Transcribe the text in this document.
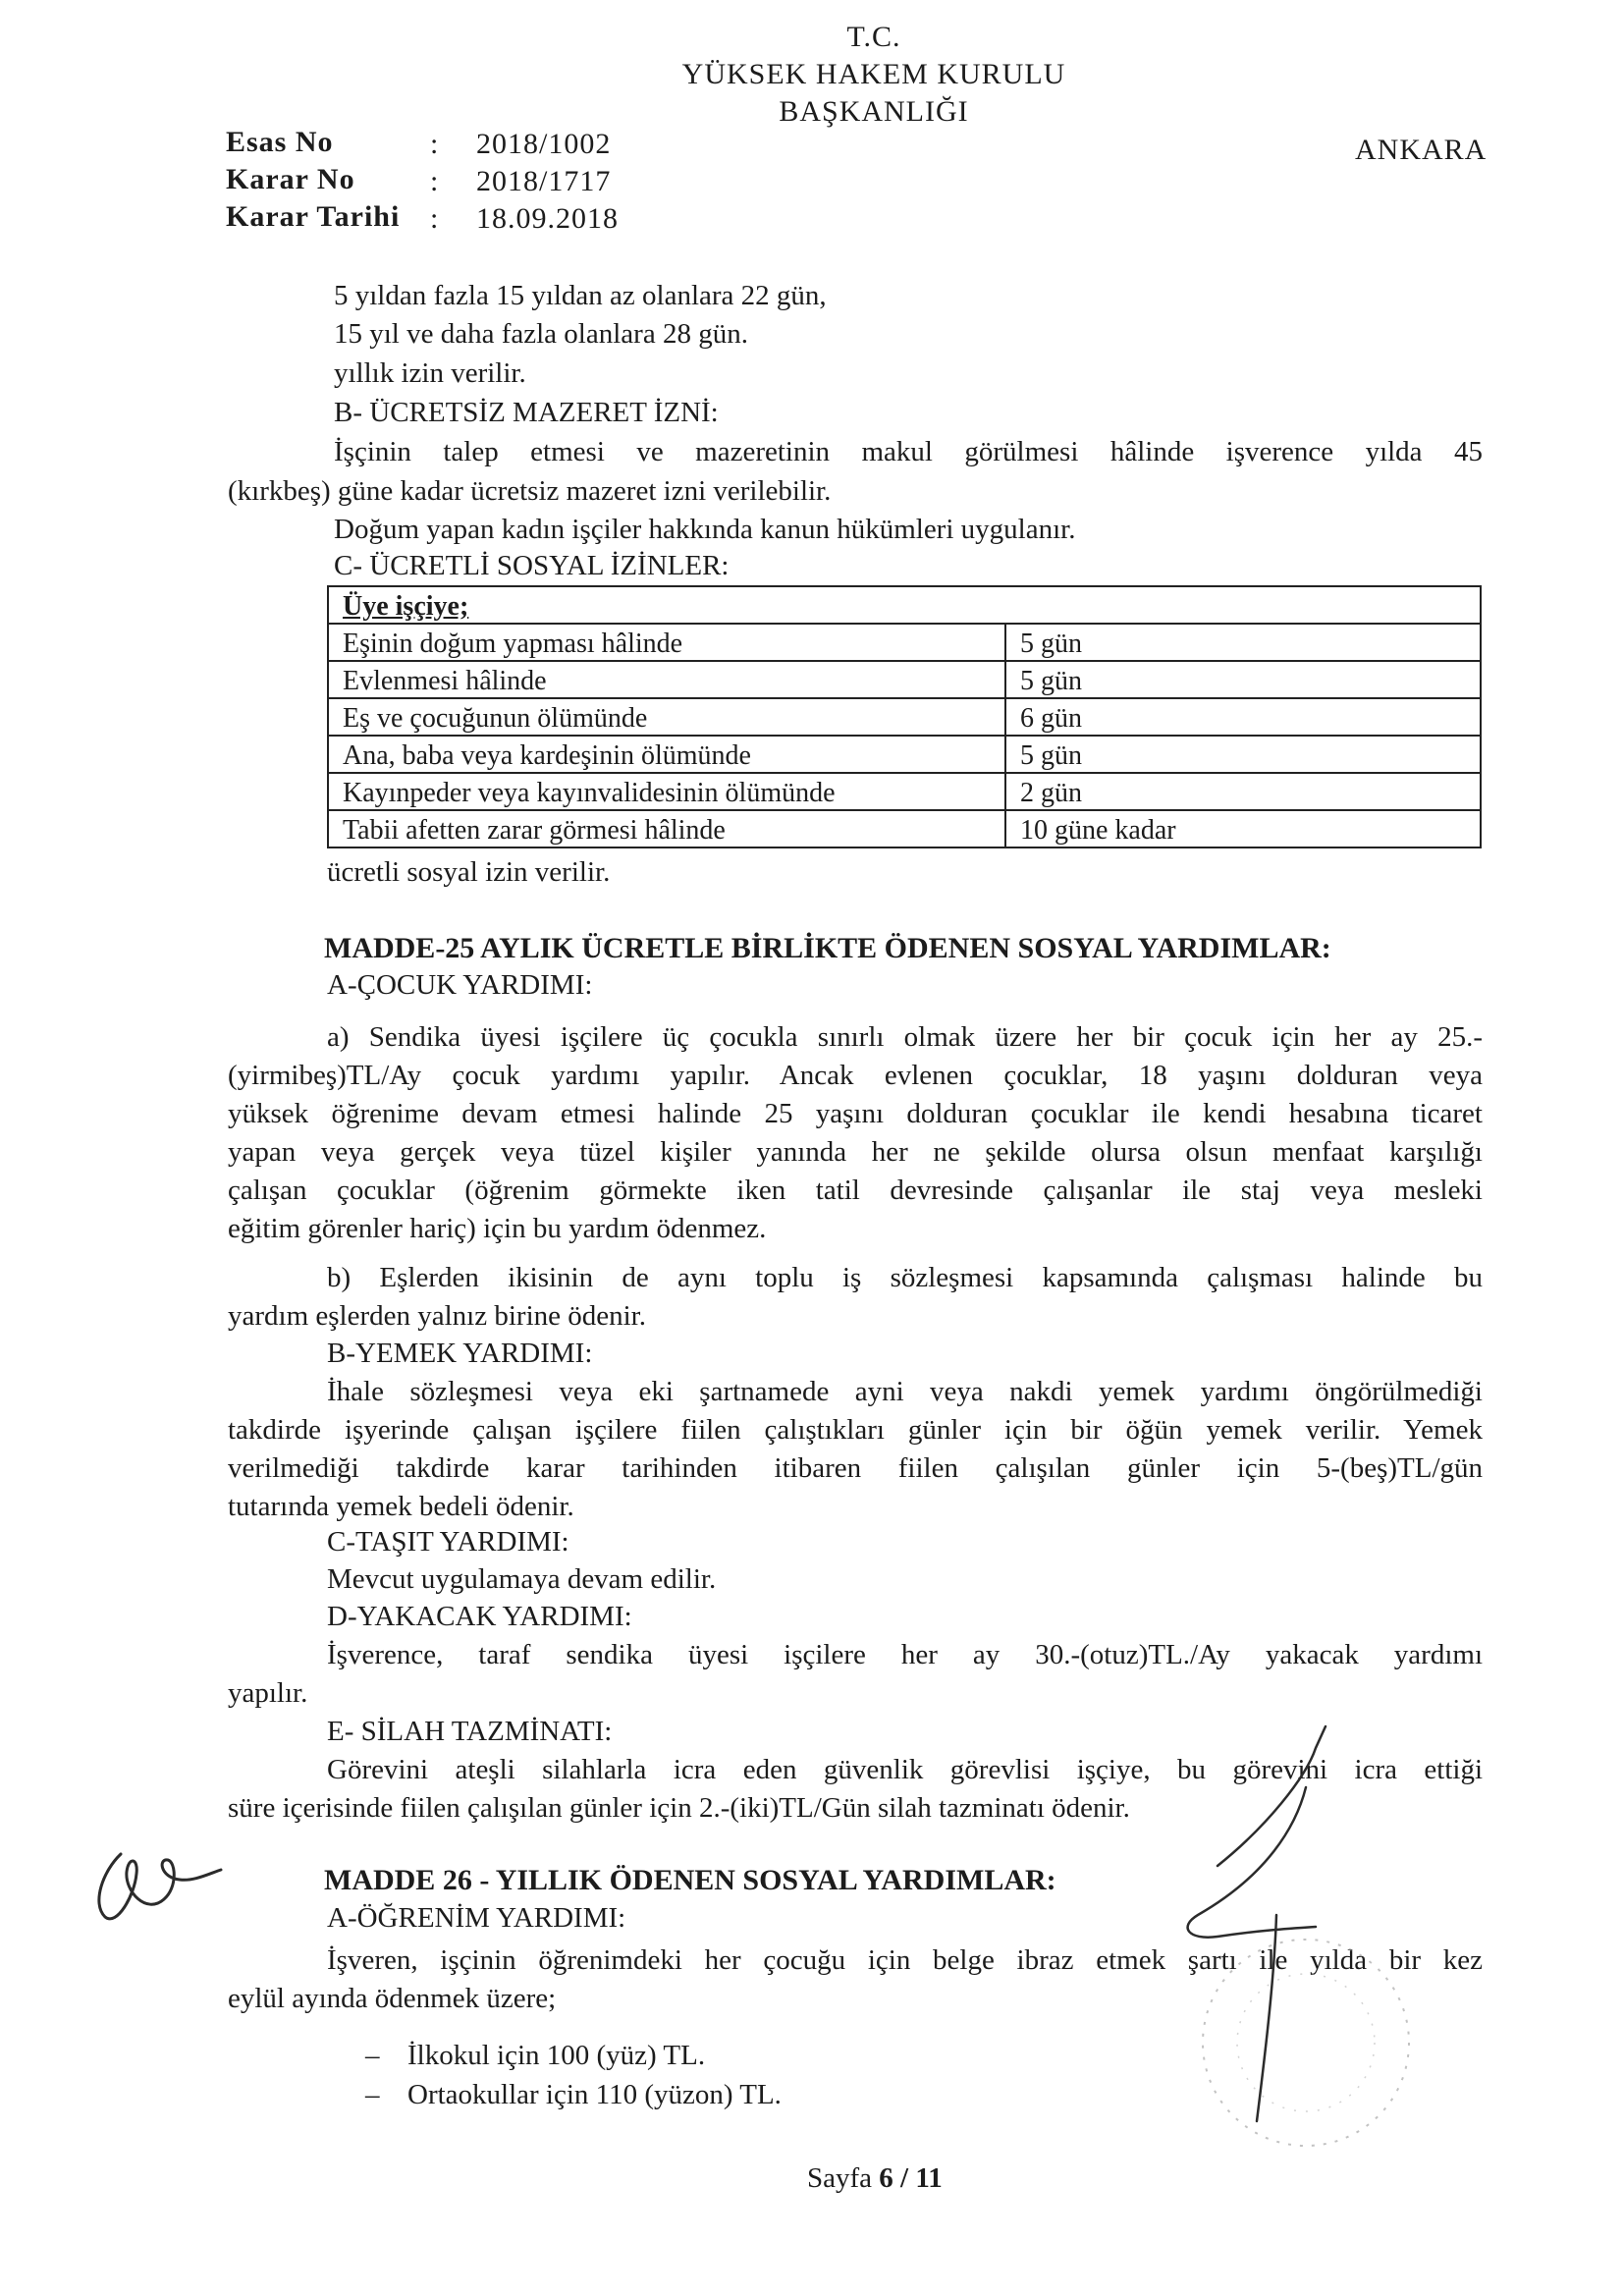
T.C.
YÜKSEK HAKEM KURULU
BAŞKANLIĞI
ANKARA
Esas No	: 2018/1002
Karar No	: 2018/1717
Karar Tarihi : 18.09.2018
5 yıldan fazla 15 yıldan az olanlara 22 gün,
15 yıl ve daha fazla olanlara 28 gün.
yıllık izin verilir.
B- ÜCRETSİZ MAZERET İZNİ:
İşçinin talep etmesi ve mazeretinin makul görülmesi hâlinde işverence yılda 45
(kırkbeş) güne kadar ücretsiz mazeret izni verilebilir.
Doğum yapan kadın işçiler hakkında kanun hükümleri uygulanır.
C- ÜCRETLİ SOSYAL İZİNLER:
Üye işçiye;	
Eşinin doğum yapması hâlinde	5 gün
Evlenmesi hâlinde	5 gün
Eş ve çocuğunun ölümünde	6 gün
Ana, baba veya kardeşinin ölümünde	5 gün
Kayınpeder veya kayınvalidesinin ölümünde	2 gün
Tabii afetten zarar görmesi hâlinde	10 güne kadar
ücretli sosyal izin verilir.
MADDE-25 AYLIK ÜCRETLE BİRLİKTE ÖDENEN SOSYAL YARDIMLAR:
A-ÇOCUK YARDIMI:
a) Sendika üyesi işçilere üç çocukla sınırlı olmak üzere her bir çocuk için her ay 25.-
(yirmibeş)TL/Ay çocuk yardımı yapılır. Ancak evlenen çocuklar, 18 yaşını dolduran veya
yüksek öğrenime devam etmesi halinde 25 yaşını dolduran çocuklar ile kendi hesabına ticaret
yapan veya gerçek veya tüzel kişiler yanında her ne şekilde olursa olsun menfaat karşılığı
çalışan çocuklar (öğrenim görmekte iken tatil devresinde çalışanlar ile staj veya mesleki
eğitim görenler hariç) için bu yardım ödenmez.
b) Eşlerden ikisinin de aynı toplu iş sözleşmesi kapsamında çalışması halinde bu
yardım eşlerden yalnız birine ödenir.
B-YEMEK YARDIMI:
İhale sözleşmesi veya eki şartnamede ayni veya nakdi yemek yardımı öngörülmediği
takdirde işyerinde çalışan işçilere fiilen çalıştıkları günler için bir öğün yemek verilir. Yemek
verilmediği takdirde karar tarihinden itibaren fiilen çalışılan günler için 5-(beş)TL/gün
tutarında yemek bedeli ödenir.
C-TAŞIT YARDIMI:
Mevcut uygulamaya devam edilir.
D-YAKACAK YARDIMI:
İşverence, taraf sendika üyesi işçilere her ay 30.-(otuz)TL./Ay yakacak yardımı
yapılır.
E- SİLAH TAZMİNATI:
Görevini ateşli silahlarla icra eden güvenlik görevlisi işçiye, bu görevini icra ettiği
süre içerisinde fiilen çalışılan günler için 2.-(iki)TL/Gün silah tazminatı ödenir.
MADDE 26 - YILLIK ÖDENEN SOSYAL YARDIMLAR:
A-ÖĞRENİM YARDIMI:
İşveren, işçinin öğrenimdeki her çocuğu için belge ibraz etmek şartı ile yılda bir kez
eylül ayında ödenmek üzere;
– İlkokul için 100 (yüz) TL.
– Ortaokullar için 110 (yüzon) TL.
Sayfa 6 / 11
